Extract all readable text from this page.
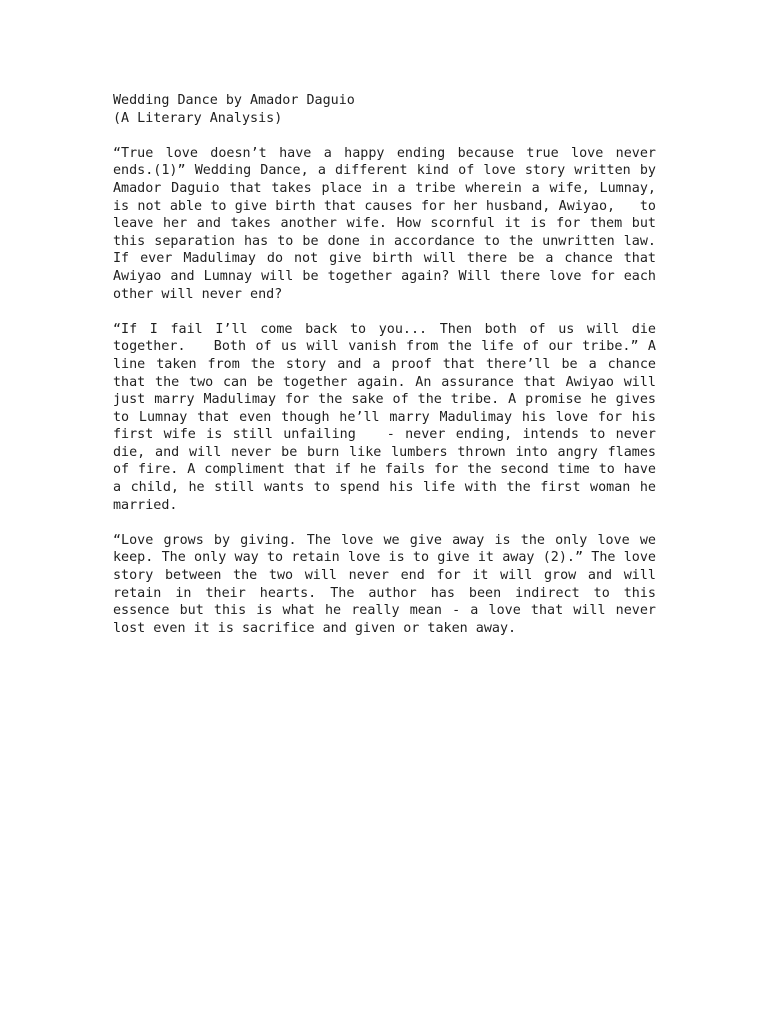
Wedding Dance by Amador Daguio
(A Literary Analysis)

“True love doesn’t have a happy ending because true love never ends.(1)” Wedding Dance, a different kind of love story written by Amador Daguio that takes place in a tribe wherein a wife, Lumnay,   is not able to give birth that causes for her husband, Awiyao,   to leave her and takes another wife. How scornful it is for them but this separation has to be done in accordance to the unwritten law.   If ever Madulimay do not give birth will there be a chance that Awiyao and Lumnay will be together again? Will there love for each other will never end?

“If I fail I’ll come back to you... Then both of us will die together.   Both of us will vanish from the life of our tribe.” A line taken from the story and a proof that there’ll be a chance that the two can be together again. An assurance that Awiyao will just marry Madulimay for the sake of the tribe. A promise he gives to Lumnay that even though he’ll marry Madulimay his love for his first wife is still unfailing   - never ending, intends to never die, and will never be burn like lumbers thrown into angry flames of fire. A compliment that if he fails for the second time to have a child, he still wants to spend his life with the first woman he married.

“Love grows by giving. The love we give away is the only love we keep. The only way to retain love is to give it away (2).” The love story between the two will never end for it will grow and will retain in their hearts. The author has been indirect to this essence but this is what he really mean - a love that will never lost even it is sacrifice and given or taken away.
